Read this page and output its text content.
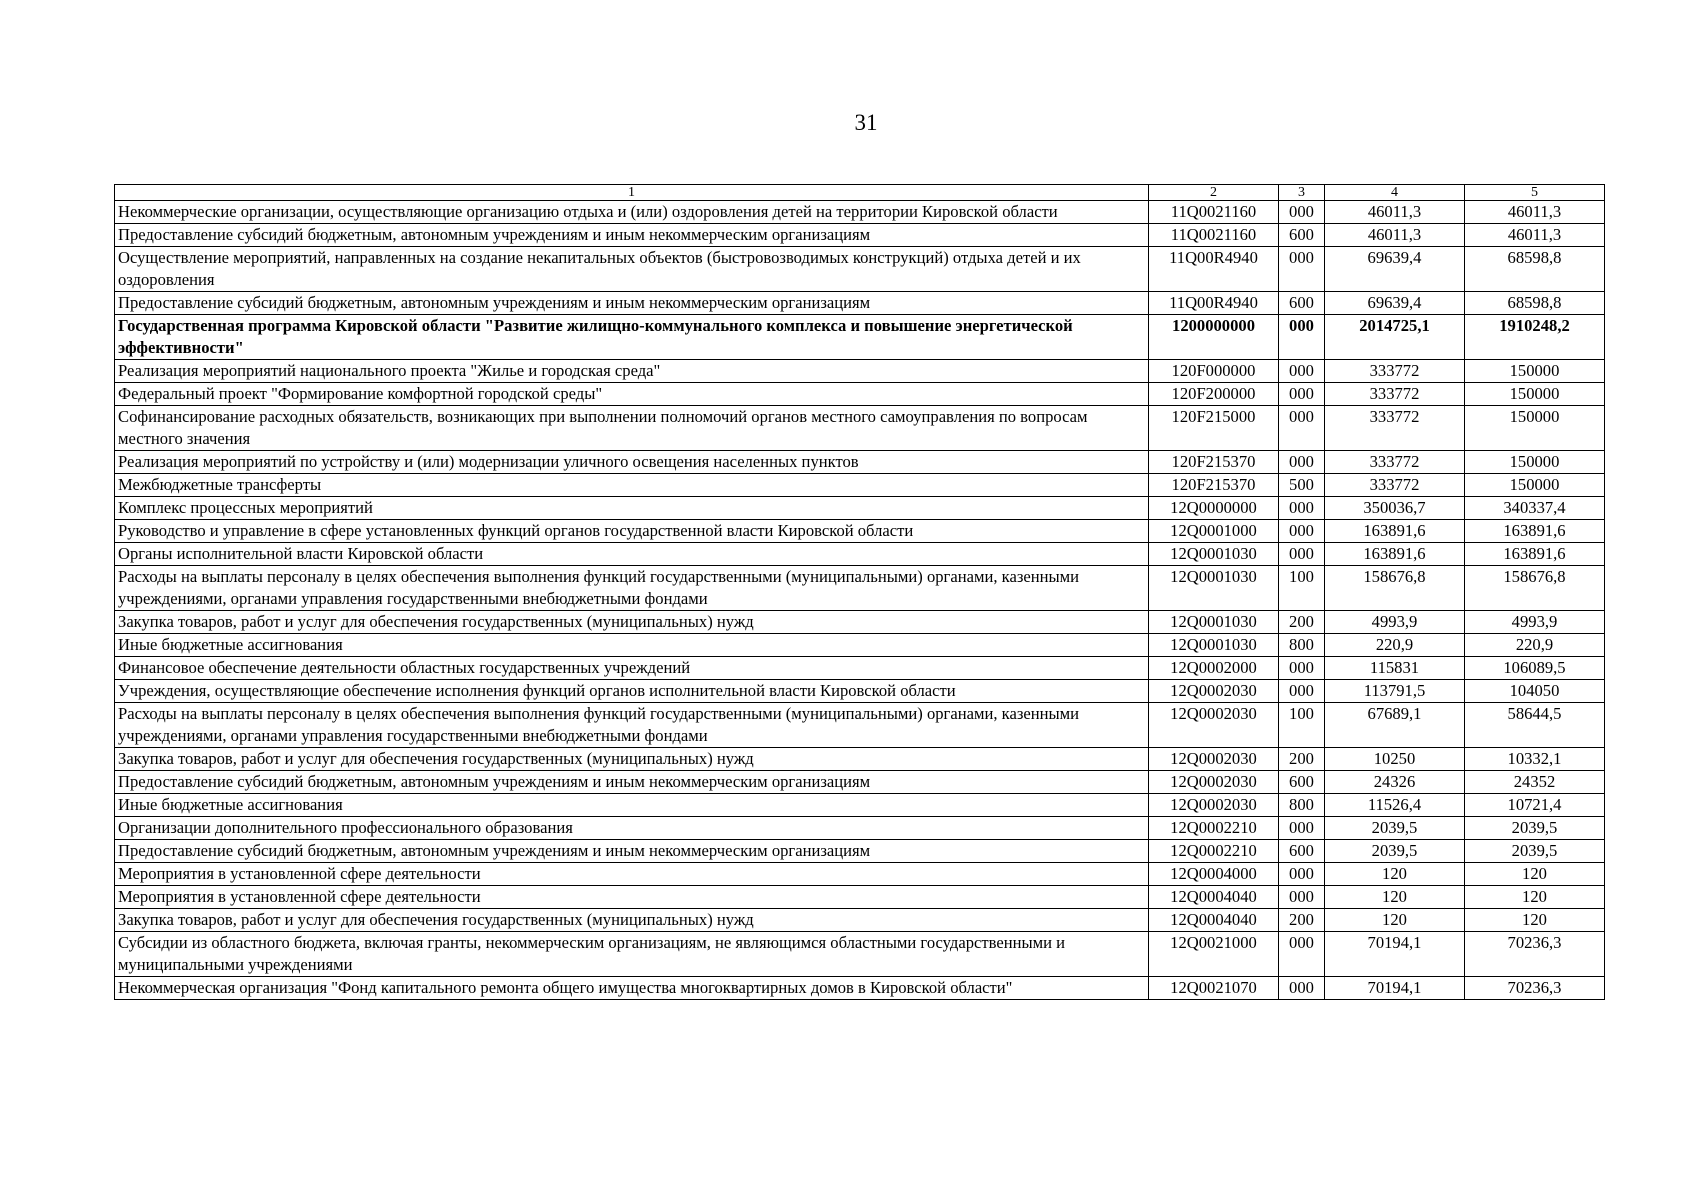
31
1	2	3	4	5
Некоммерческие организации, осуществляющие организацию отдыха и (или) оздоровления детей на территории Кировской области	11Q0021160	000	46011,3	46011,3
Предоставление субсидий бюджетным, автономным учреждениям и иным некоммерческим организациям	11Q0021160	600	46011,3	46011,3
Осуществление мероприятий, направленных на создание некапитальных объектов (быстровозводимых конструкций) отдыха детей и их оздоровления	11Q00R4940	000	69639,4	68598,8
Предоставление субсидий бюджетным, автономным учреждениям и иным некоммерческим организациям	11Q00R4940	600	69639,4	68598,8
Государственная программа Кировской области "Развитие жилищно-коммунального комплекса и повышение энергетической эффективности"	1200000000	000	2014725,1	1910248,2
Реализация мероприятий национального проекта "Жилье и городская среда"	120F000000	000	333772	150000
Федеральный проект "Формирование комфортной городской среды"	120F200000	000	333772	150000
Софинансирование расходных обязательств, возникающих при выполнении полномочий органов местного самоуправления по вопросам местного значения	120F215000	000	333772	150000
Реализация мероприятий по устройству и (или) модернизации уличного освещения населенных пунктов	120F215370	000	333772	150000
Межбюджетные трансферты	120F215370	500	333772	150000
Комплекс процессных мероприятий	12Q0000000	000	350036,7	340337,4
Руководство и управление в сфере установленных функций органов государственной власти Кировской области	12Q0001000	000	163891,6	163891,6
Органы исполнительной власти Кировской области	12Q0001030	000	163891,6	163891,6
Расходы на выплаты персоналу в целях обеспечения выполнения функций государственными (муниципальными) органами, казенными учреждениями, органами управления государственными внебюджетными фондами	12Q0001030	100	158676,8	158676,8
Закупка товаров, работ и услуг для обеспечения государственных (муниципальных) нужд	12Q0001030	200	4993,9	4993,9
Иные бюджетные ассигнования	12Q0001030	800	220,9	220,9
Финансовое обеспечение деятельности областных государственных учреждений	12Q0002000	000	115831	106089,5
Учреждения, осуществляющие обеспечение исполнения функций органов исполнительной власти Кировской области	12Q0002030	000	113791,5	104050
Расходы на выплаты персоналу в целях обеспечения выполнения функций государственными (муниципальными) органами, казенными учреждениями, органами управления государственными внебюджетными фондами	12Q0002030	100	67689,1	58644,5
Закупка товаров, работ и услуг для обеспечения государственных (муниципальных) нужд	12Q0002030	200	10250	10332,1
Предоставление субсидий бюджетным, автономным учреждениям и иным некоммерческим организациям	12Q0002030	600	24326	24352
Иные бюджетные ассигнования	12Q0002030	800	11526,4	10721,4
Организации дополнительного профессионального образования	12Q0002210	000	2039,5	2039,5
Предоставление субсидий бюджетным, автономным учреждениям и иным некоммерческим организациям	12Q0002210	600	2039,5	2039,5
Мероприятия в установленной сфере деятельности	12Q0004000	000	120	120
Мероприятия в установленной сфере деятельности	12Q0004040	000	120	120
Закупка товаров, работ и услуг для обеспечения государственных (муниципальных) нужд	12Q0004040	200	120	120
Субсидии из областного бюджета, включая гранты, некоммерческим организациям, не являющимся областными государственными и муниципальными учреждениями	12Q0021000	000	70194,1	70236,3
Некоммерческая организация "Фонд капитального ремонта общего имущества многоквартирных домов в Кировской области"	12Q0021070	000	70194,1	70236,3
